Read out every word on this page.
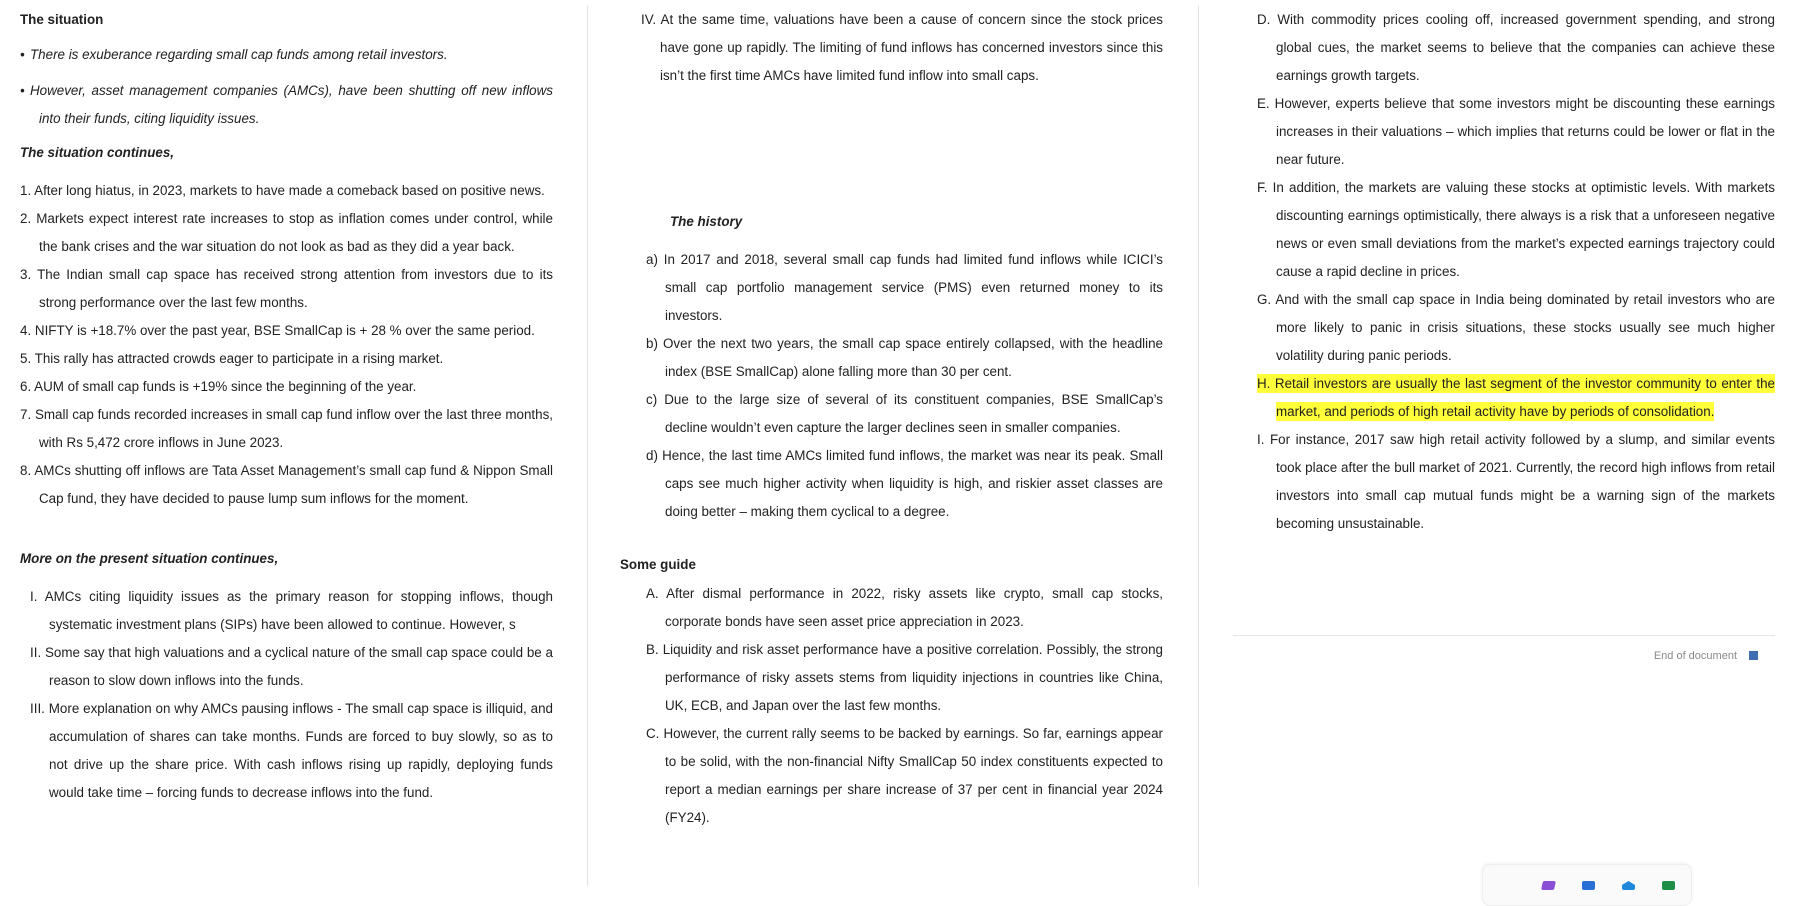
The situation

• There is exuberance regarding small cap funds among retail investors.

• However, asset management companies (AMCs), have been shutting off new inflows into their funds, citing liquidity issues.

The situation continues,

1. After long hiatus, in 2023, markets to have made a comeback based on positive news.

2. Markets expect interest rate increases to stop as inflation comes under control, while the bank crises and the war situation do not look as bad as they did a year back.

3. The Indian small cap space has received strong attention from investors due to its strong performance over the last few months.

4. NIFTY is +18.7% over the past year, BSE SmallCap is + 28 % over the same period.

5. This rally has attracted crowds eager to participate in a rising market.

6. AUM of small cap funds is +19% since the beginning of the year.

7. Small cap funds recorded increases in small cap fund inflow over the last three months, with Rs 5,472 crore inflows in June 2023.

8. AMCs shutting off inflows are Tata Asset Management’s small cap fund & Nippon Small Cap fund, they have decided to pause lump sum inflows for the moment.

More on the present situation continues,

I. AMCs citing liquidity issues as the primary reason for stopping inflows, though systematic investment plans (SIPs) have been allowed to continue. However, s

II. Some say that high valuations and a cyclical nature of the small cap space could be a reason to slow down inflows into the funds.

III. More explanation on why AMCs pausing inflows - The small cap space is illiquid, and accumulation of shares can take months. Funds are forced to buy slowly, so as to not drive up the share price. With cash inflows rising up rapidly, deploying funds would take time – forcing funds to decrease inflows into the fund.

IV. At the same time, valuations have been a cause of concern since the stock prices have gone up rapidly. The limiting of fund inflows has concerned investors since this isn’t the first time AMCs have limited fund inflow into small caps.

The history

a) In 2017 and 2018, several small cap funds had limited fund inflows while ICICI’s small cap portfolio management service (PMS) even returned money to its investors.

b) Over the next two years, the small cap space entirely collapsed, with the headline index (BSE SmallCap) alone falling more than 30 per cent.

c) Due to the large size of several of its constituent companies, BSE SmallCap’s decline wouldn’t even capture the larger declines seen in smaller companies.

d) Hence, the last time AMCs limited fund inflows, the market was near its peak. Small caps see much higher activity when liquidity is high, and riskier asset classes are doing better – making them cyclical to a degree.

Some guide

A. After dismal performance in 2022, risky assets like crypto, small cap stocks, corporate bonds have seen asset price appreciation in 2023.

B. Liquidity and risk asset performance have a positive correlation. Possibly, the strong performance of risky assets stems from liquidity injections in countries like China, UK, ECB, and Japan over the last few months.

C. However, the current rally seems to be backed by earnings. So far, earnings appear to be solid, with the non-financial Nifty SmallCap 50 index constituents expected to report a median earnings per share increase of 37 per cent in financial year 2024 (FY24).

D. With commodity prices cooling off, increased government spending, and strong global cues, the market seems to believe that the companies can achieve these earnings growth targets.

E. However, experts believe that some investors might be discounting these earnings increases in their valuations – which implies that returns could be lower or flat in the near future.

F. In addition, the markets are valuing these stocks at optimistic levels. With markets discounting earnings optimistically, there always is a risk that a unforeseen negative news or even small deviations from the market’s expected earnings trajectory could cause a rapid decline in prices.

G. And with the small cap space in India being dominated by retail investors who are more likely to panic in crisis situations, these stocks usually see much higher volatility during panic periods.

H. Retail investors are usually the last segment of the investor community to enter the market, and periods of high retail activity have by periods of consolidation.

I. For instance, 2017 saw high retail activity followed by a slump, and similar events took place after the bull market of 2021. Currently, the record high inflows from retail investors into small cap mutual funds might be a warning sign of the markets becoming unsustainable.

End of document
